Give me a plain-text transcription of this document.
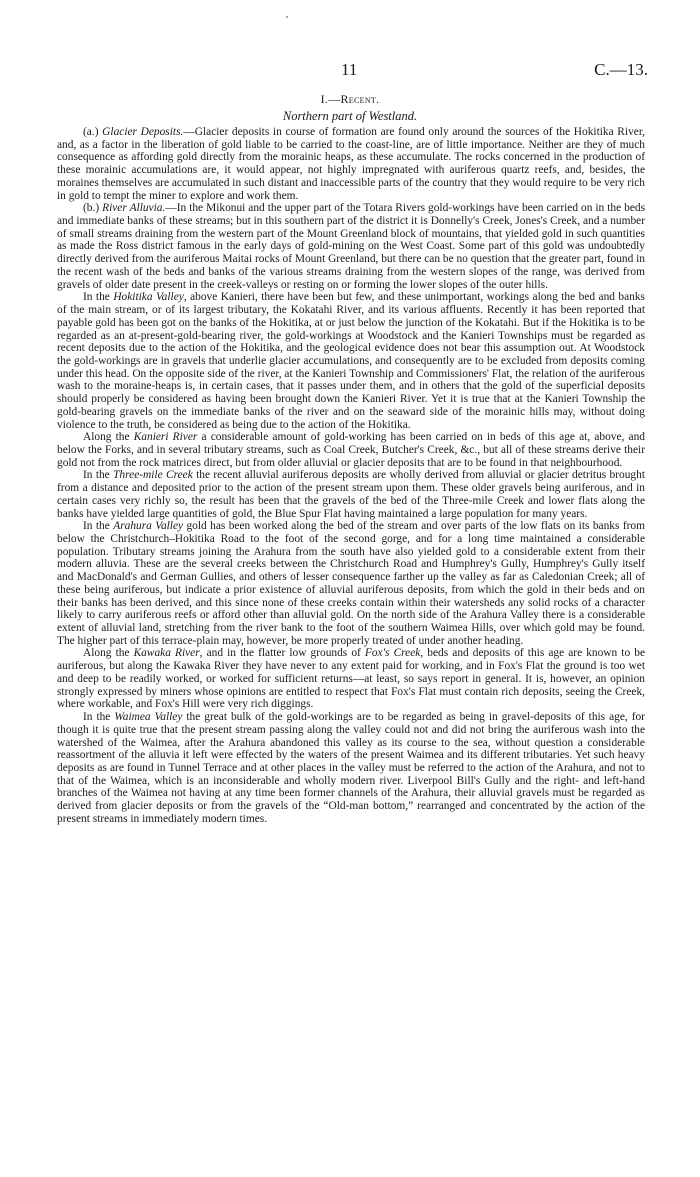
11	C.—13.
I.—Recent.
Northern part of Westland.

(a.) Glacier Deposits.—Glacier deposits in course of formation are found only around the sources of the Hokitika River, and, as a factor in the liberation of gold liable to be carried to the coast-line, are of little importance. Neither are they of much consequence as affording gold directly from the morainic heaps, as these accumulate. The rocks concerned in the production of these morainic accumulations are, it would appear, not highly impregnated with auriferous quartz reefs, and, besides, the moraines themselves are accumulated in such distant and inaccessible parts of the country that they would require to be very rich in gold to tempt the miner to explore and work them.

(b.) River Alluvia.—In the Mikonui and the upper part of the Totara Rivers gold-workings have been carried on in the beds and immediate banks of these streams; but in this southern part of the district it is Donnelly's Creek, Jones's Creek, and a number of small streams draining from the western part of the Mount Greenland block of mountains, that yielded gold in such quantities as made the Ross district famous in the early days of gold-mining on the West Coast. Some part of this gold was undoubtedly directly derived from the auriferous Maitai rocks of Mount Greenland, but there can be no question that the greater part, found in the recent wash of the beds and banks of the various streams draining from the western slopes of the range, was derived from gravels of older date present in the creek-valleys or resting on or forming the lower slopes of the outer hills.

In the Hokitika Valley, above Kanieri, there have been but few, and these unimportant, workings along the bed and banks of the main stream, or of its largest tributary, the Kokatahi River, and its various affluents. Recently it has been reported that payable gold has been got on the banks of the Hokitika, at or just below the junction of the Kokatahi. But if the Hokitika is to be regarded as an at-present-gold-bearing river, the gold-workings at Woodstock and the Kanieri Townships must be regarded as recent deposits due to the action of the Hokitika, and the geological evidence does not bear this assumption out. At Woodstock the gold-workings are in gravels that underlie glacier accumulations, and consequently are to be excluded from deposits coming under this head. On the opposite side of the river, at the Kanieri Township and Commissioners' Flat, the relation of the auriferous wash to the moraine-heaps is, in certain cases, that it passes under them, and in others that the gold of the superficial deposits should properly be considered as having been brought down the Kanieri River. Yet it is true that at the Kanieri Township the gold-bearing gravels on the immediate banks of the river and on the seaward side of the morainic hills may, without doing violence to the truth, be considered as being due to the action of the Hokitika.

Along the Kanieri River a considerable amount of gold-working has been carried on in beds of this age at, above, and below the Forks, and in several tributary streams, such as Coal Creek, Butcher's Creek, &c., but all of these streams derive their gold not from the rock matrices direct, but from older alluvial or glacier deposits that are to be found in that neighbourhood.

In the Three-mile Creek the recent alluvial auriferous deposits are wholly derived from alluvial or glacier detritus brought from a distance and deposited prior to the action of the present stream upon them. These older gravels being auriferous, and in certain cases very richly so, the result has been that the gravels of the bed of the Three-mile Creek and lower flats along the banks have yielded large quantities of gold, the Blue Spur Flat having maintained a large population for many years.

In the Arahura Valley gold has been worked along the bed of the stream and over parts of the low flats on its banks from below the Christchurch–Hokitika Road to the foot of the second gorge, and for a long time maintained a considerable population. Tributary streams joining the Arahura from the south have also yielded gold to a considerable extent from their modern alluvia. These are the several creeks between the Christchurch Road and Humphrey's Gully, Humphrey's Gully itself and MacDonald's and German Gullies, and others of lesser consequence farther up the valley as far as Caledonian Creek; all of these being auriferous, but indicate a prior existence of alluvial auriferous deposits, from which the gold in their beds and on their banks has been derived, and this since none of these creeks contain within their watersheds any solid rocks of a character likely to carry auriferous reefs or afford other than alluvial gold. On the north side of the Arahura Valley there is a considerable extent of alluvial land, stretching from the river bank to the foot of the southern Waimea Hills, over which gold may be found. The higher part of this terrace-plain may, however, be more properly treated of under another heading.

Along the Kawaka River, and in the flatter low grounds of Fox's Creek, beds and deposits of this age are known to be auriferous, but along the Kawaka River they have never to any extent paid for working, and in Fox's Flat the ground is too wet and deep to be readily worked, or worked for sufficient returns—at least, so says report in general. It is, however, an opinion strongly expressed by miners whose opinions are entitled to respect that Fox's Flat must contain rich deposits, seeing the Creek, where workable, and Fox's Hill were very rich diggings.

In the Waimea Valley the great bulk of the gold-workings are to be regarded as being in gravel-deposits of this age, for though it is quite true that the present stream passing along the valley could not and did not bring the auriferous wash into the watershed of the Waimea, after the Arahura abandoned this valley as its course to the sea, without question a considerable reassortment of the alluvia it left were effected by the waters of the present Waimea and its different tributaries. Yet such heavy deposits as are found in Tunnel Terrace and at other places in the valley must be referred to the action of the Arahura, and not to that of the Waimea, which is an inconsiderable and wholly modern river. Liverpool Bill's Gully and the right- and left-hand branches of the Waimea not having at any time been former channels of the Arahura, their alluvial gravels must be regarded as derived from glacier deposits or from the gravels of the “Old-man bottom,” rearranged and concentrated by the action of the present streams in immediately modern times.
